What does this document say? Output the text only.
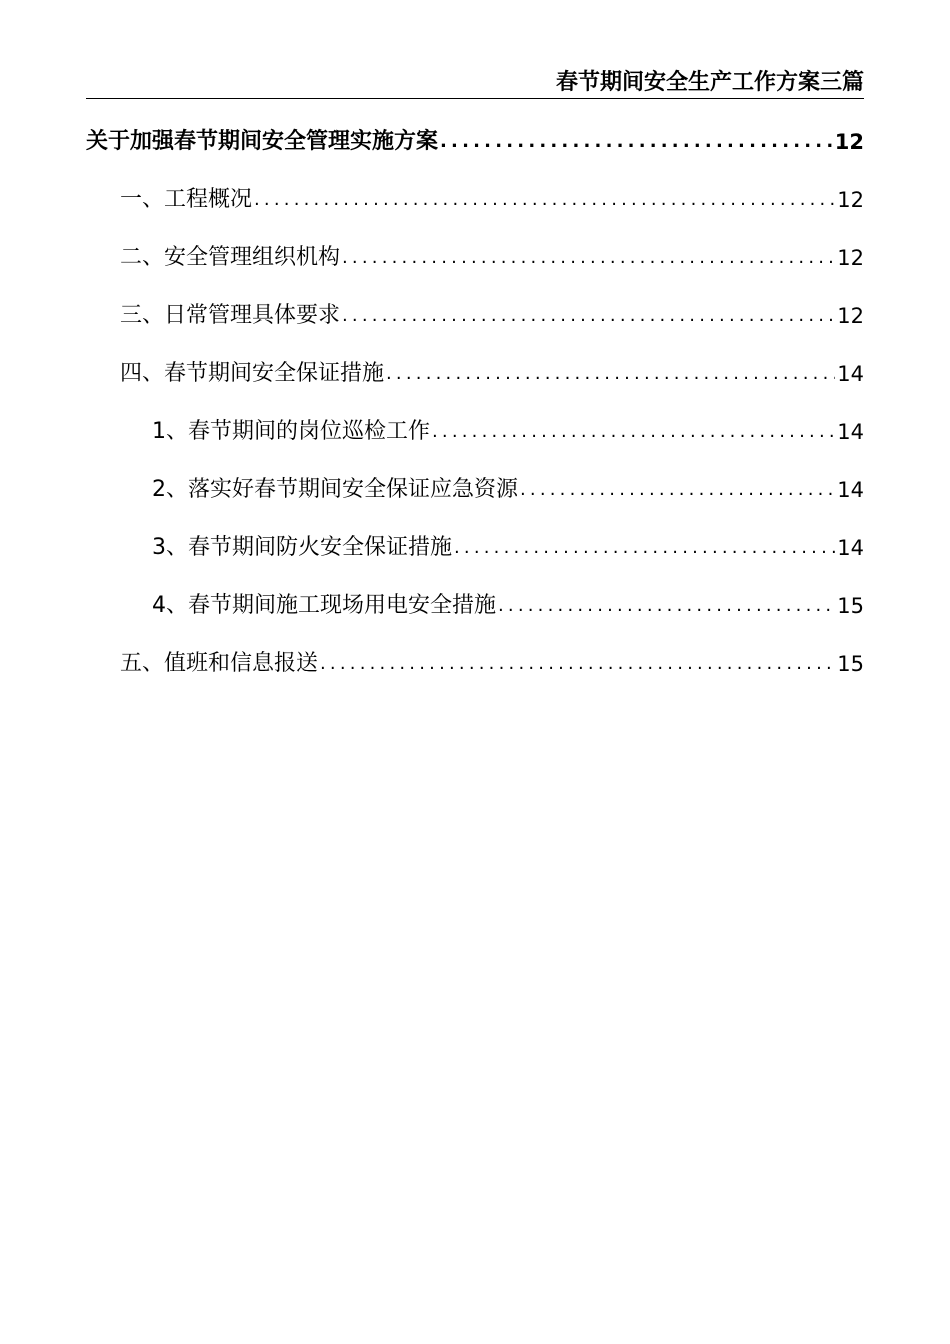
春节期间安全生产工作方案三篇
关于加强春节期间安全管理实施方案 .....	12
一、工程概况 .....	12
二、安全管理组织机构 .....	12
三、日常管理具体要求 .....	12
四、春节期间安全保证措施 .....	14
1、春节期间的岗位巡检工作 .....	14
2、落实好春节期间安全保证应急资源 .....	14
3、春节期间防火安全保证措施 .....	14
4、春节期间施工现场用电安全措施 .....	15
五、值班和信息报送 .....	15
